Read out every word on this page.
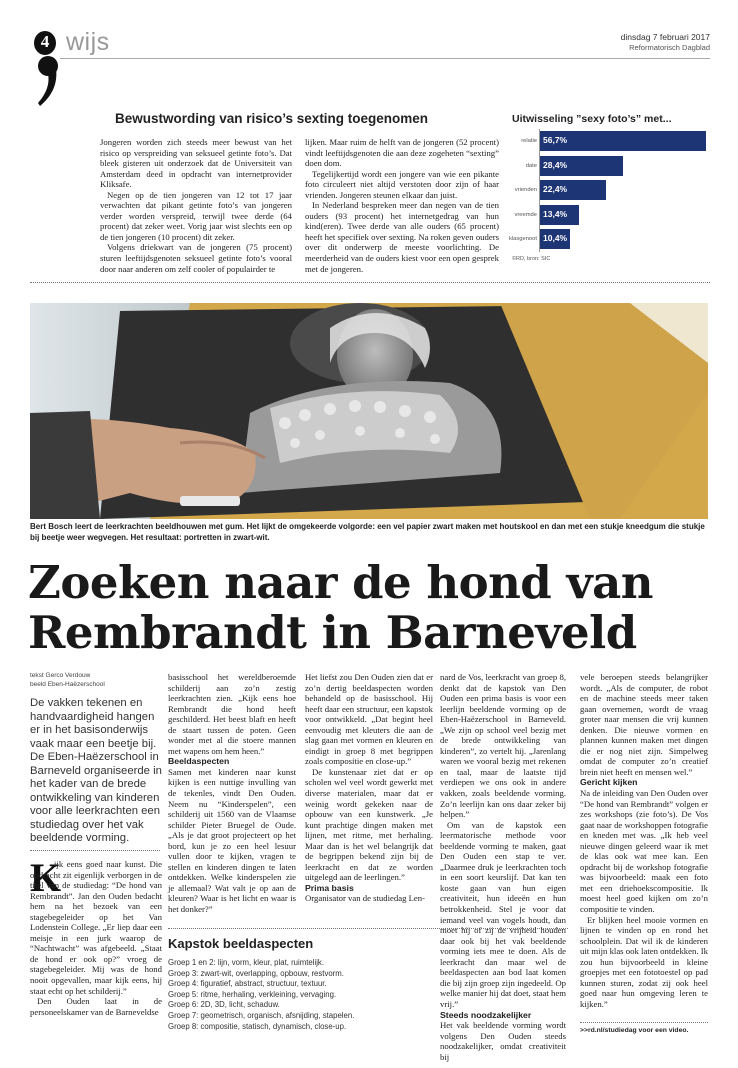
4 wijs	dinsdag 7 februari 2017
Reformatorisch Dagblad
Bewustwording van risico’s sexting toegenomen

Jongeren worden zich steeds meer bewust van het risico op verspreiding van seksueel getinte foto’s. Dat bleek gisteren uit onderzoek dat de Universiteit van Amsterdam deed in opdracht van internetprovider Kliksafe.

Negen op de tien jongeren van 12 tot 17 jaar verwachten dat pikant getinte foto’s van jongeren verder worden verspreid, terwijl twee derde (64 procent) dat zeker weet. Vorig jaar wist slechts een op de tien jongeren (10 procent) dit zeker.

Volgens driekwart van de jongeren (75 procent) sturen leeftijdsgenoten seksueel getinte foto’s vooral door naar anderen om zelf cooler of populairder te

lijken. Maar ruim de helft van de jongeren (52 procent) vindt leeftijdsgenoten die aan deze zogeheten “sexting” doen dom.

Tegelijkertijd wordt een jongere van wie een pikante foto circuleert niet altijd verstoten door zijn of haar vrienden. Jongeren steunen elkaar dan juist.

In Nederland bespreken meer dan negen van de tien ouders (93 procent) het internetgedrag van hun kind(eren). Twee derde van alle ouders (65 procent) heeft het specifiek over sexting. Na roken geven ouders over dit onderwerp de meeste voorlichting. De meerderheid van de ouders kiest voor een open gesprek met de jongeren.

Uitwisseling ”sexy foto’s” met...
relatie 56,7%
date 28,4%
vrienden 22,4%
vreemde 13,4%
klasgenoot 10,4%
©RD, bron: SIC
Bert Bosch leert de leerkrachten beeldhouwen met gum. Het lijkt de omgekeerde volgorde: een vel papier zwart maken met houtskool en dan met een stukje kneedgum die stukje bij beetje weer wegvegen. Het resultaat: portretten in zwart-wit.
Zoeken naar de hond van
Rembrandt in Barneveld
tekst Gerco Verdouw
beeld Eben-Haëzerschool
De vakken tekenen en handvaardigheid hangen er in het basisonderwijs vaak maar een beetje bij. De Eben-Haëzerschool in Barneveld organiseerde in het kader van de brede ontwikkeling van kinderen voor alle leerkrachten een studiedag over het vak beeldende vorming.
K

ijk eens goed naar kunst. Die opdracht zit eigenlijk verborgen in de titel van de studiedag: “De hond van Rembrandt”. Jan den Ouden bedacht hem na het bezoek van een stagebegeleider op het Van Lodenstein College. „Er liep daar een meisje in een jurk waarop de “Nachtwacht” was afgebeeld. „Staat de hond er ook op?” vroeg de stagebegeleider. Mij was de hond nooit opgevallen, maar kijk eens, hij staat echt op het schilderij.”

Den Ouden laat in de personeelskamer van de Barneveldse

basisschool het wereldberoemde schilderij aan zo’n zestig leerkrachten zien. „Kijk eens hoe Rembrandt die hond heeft geschilderd. Het beest blaft en heeft de staart tussen de poten. Geen wonder met al die stoere mannen met wapens om hem heen.”

Beeldaspecten

Samen met kinderen naar kunst kijken is een nuttige invulling van de tekenles, vindt Den Ouden. Neem nu “Kinderspelen”, een schilderij uit 1560 van de Vlaamse schilder Pieter Bruegel de Oude. „Als je dat groot projecteert op het bord, kun je zo een heel lesuur vullen door te kijken, vragen te stellen en kinderen dingen te laten ontdekken. Welke kinderspelen zie je allemaal? Wat valt je op aan de kleuren? Waar is het licht en waar is het donker?”

Het liefst zou Den Ouden zien dat er zo’n dertig beeldaspecten worden behandeld op de basisschool. Hij heeft daar een structuur, een kapstok voor ontwikkeld. „Dat begint heel eenvoudig met kleuters die aan de slag gaan met vormen en kleuren en eindigt in groep 8 met begrippen zoals compositie en close-up.”

De kunstenaar ziet dat er op scholen wel veel wordt gewerkt met diverse materialen, maar dat er weinig wordt gekeken naar de opbouw van een kunstwerk. „Je kunt prachtige dingen maken met lijnen, met ritme, met herhaling. Maar dan is het wel belangrijk dat de begrippen bekend zijn bij de leerkracht en dat ze worden uitgelegd aan de leerlingen.”

Prima basis

Organisator van de studiedag Len-

Kapstok beeldaspecten
Groep 1 en 2: lijn, vorm, kleur, plat, ruimtelijk.
Groep 3: zwart-wit, overlapping, opbouw, restvorm.
Groep 4: figuratief, abstract, structuur, textuur.
Groep 5: ritme, herhaling, verkleining, vervaging.
Groep 6: 2D, 3D, licht, schaduw.
Groep 7: geometrisch, organisch, afsnijding, stapelen.
Groep 8: compositie, statisch, dynamisch, close-up.

nard de Vos, leerkracht van groep 8, denkt dat de kapstok van Den Ouden een prima basis is voor een leerlijn beeldende vorming op de Eben-Haëzerschool in Barneveld. „We zijn op school veel bezig met de brede ontwikkeling van kinderen”, zo vertelt hij. „Jarenlang waren we vooral bezig met rekenen en taal, maar de laatste tijd verdiepen we ons ook in andere vakken, zoals beeldende vorming. Zo’n leerlijn kan ons daar zeker bij helpen.”

Om van de kapstok een leermatorische methode voor beeldende vorming te maken, gaat Den Ouden een stap te ver. „Daarmee druk je leerkrachten toch in een soort keurslijf. Dat kan ten koste gaan van hun eigen creativiteit, hun ideeën en hun betrokkenheid. Stel je voor dat iemand veel van vogels houdt, dan moet hij of zij de vrijheid houden daar ook bij het vak beeldende vorming iets mee te doen. Als de leerkracht dan maar wel de beeldaspecten aan bod laat komen die bij zijn groep zijn ingedeeld. Op welke manier hij dat doet, staat hem vrij.”

Steeds noodzakelijker

Het vak beeldende vorming wordt volgens Den Ouden steeds noodzakelijker, omdat creativiteit bij

vele beroepen steeds belangrijker wordt. „Als de computer, de robot en de machine steeds meer taken gaan overnemen, wordt de vraag groter naar mensen die vrij kunnen denken. Die nieuwe vormen en plannen kunnen maken met dingen die er nog niet zijn. Simpelweg omdat de computer zo’n creatief brein niet heeft en mensen wel.”

Gericht kijken

Na de inleiding van Den Ouden over “De hond van Rembrandt” volgen er zes workshops (zie foto’s). De Vos gaat naar de workshoppen fotografie en kneden met was. „Ik heb veel nieuwe dingen geleerd waar ik met de klas ook wat mee kan. Een opdracht bij de workshop fotografie was bijvoorbeeld: maak een foto met een driehoekscompositie. Ik moest heel goed kijken om zo’n compositie te vinden.

Er blijken heel mooie vormen en lijnen te vinden op en rond het schoolplein. Dat wil ik de kinderen uit mijn klas ook laten ontdekken. Ik zou hun bijvoorbeeld in kleine groepjes met een fototoestel op pad kunnen sturen, zodat zij ook heel goed naar hun omgeving leren te kijken.”

>>rd.nl/studiedag voor een video.
